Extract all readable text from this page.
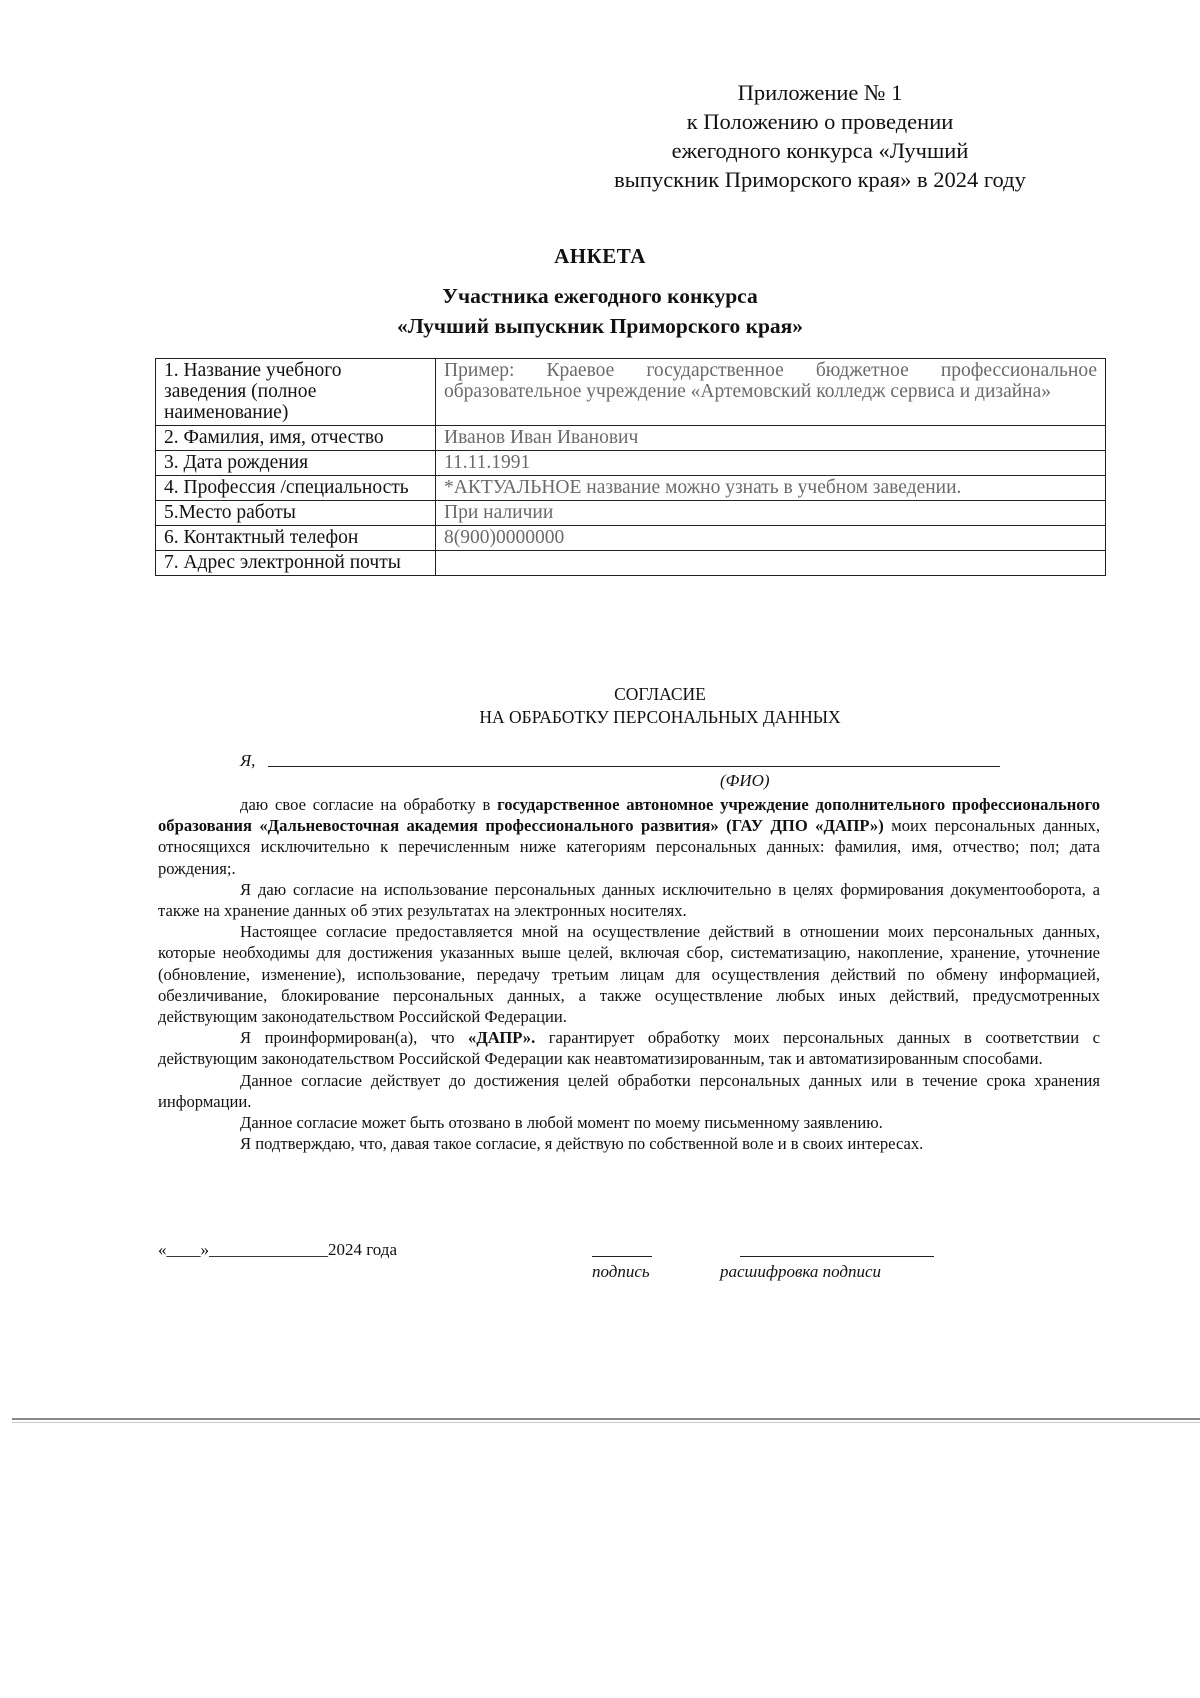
Приложение № 1
к Положению о проведении
ежегодного конкурса «Лучший
выпускник Приморского края» в 2024 году
АНКЕТА
Участника ежегодного конкурса
«Лучший выпускник Приморского края»
1. Название учебного заведения (полное наименование)	Пример: Краевое государственное бюджетное профессиональное образовательное учреждение «Артемовский колледж сервиса и дизайна»
2. Фамилия, имя, отчество	Иванов Иван Иванович
3. Дата рождения	11.11.1991
4. Профессия /специальность	*АКТУАЛЬНОЕ название можно узнать в учебном заведении.
5.Место работы	При наличии
6. Контактный телефон	8(900)0000000
7. Адрес электронной почты	
СОГЛАСИЕ
НА ОБРАБОТКУ ПЕРСОНАЛЬНЫХ ДАННЫХ
Я,
(ФИО)

даю свое согласие на обработку в государственное автономное учреждение дополнительного профессионального образования «Дальневосточная академия профессионального развития» (ГАУ ДПО «ДАПР») моих персональных данных, относящихся исключительно к перечисленным ниже категориям персональных данных: фамилия, имя, отчество; пол; дата рождения;.

Я даю согласие на использование персональных данных исключительно в целях формирования документооборота, а также на хранение данных об этих результатах на электронных носителях.

Настоящее согласие предоставляется мной на осуществление действий в отношении моих персональных данных, которые необходимы для достижения указанных выше целей, включая сбор, систематизацию, накопление, хранение, уточнение (обновление, изменение), использование, передачу третьим лицам для осуществления действий по обмену информацией, обезличивание, блокирование персональных данных, а также осуществление любых иных действий, предусмотренных действующим законодательством Российской Федерации.

Я проинформирован(а), что «ДАПР». гарантирует обработку моих персональных данных в соответствии с действующим законодательством Российской Федерации как неавтоматизированным, так и автоматизированным способами.

Данное согласие действует до достижения целей обработки персональных данных или в течение срока хранения информации.

Данное согласие может быть отозвано в любой момент по моему письменному заявлению.

Я подтверждаю, что, давая такое согласие, я действую по собственной воле и в своих интересах.

«____»______________2024 года
подпись	расшифровка подписи
